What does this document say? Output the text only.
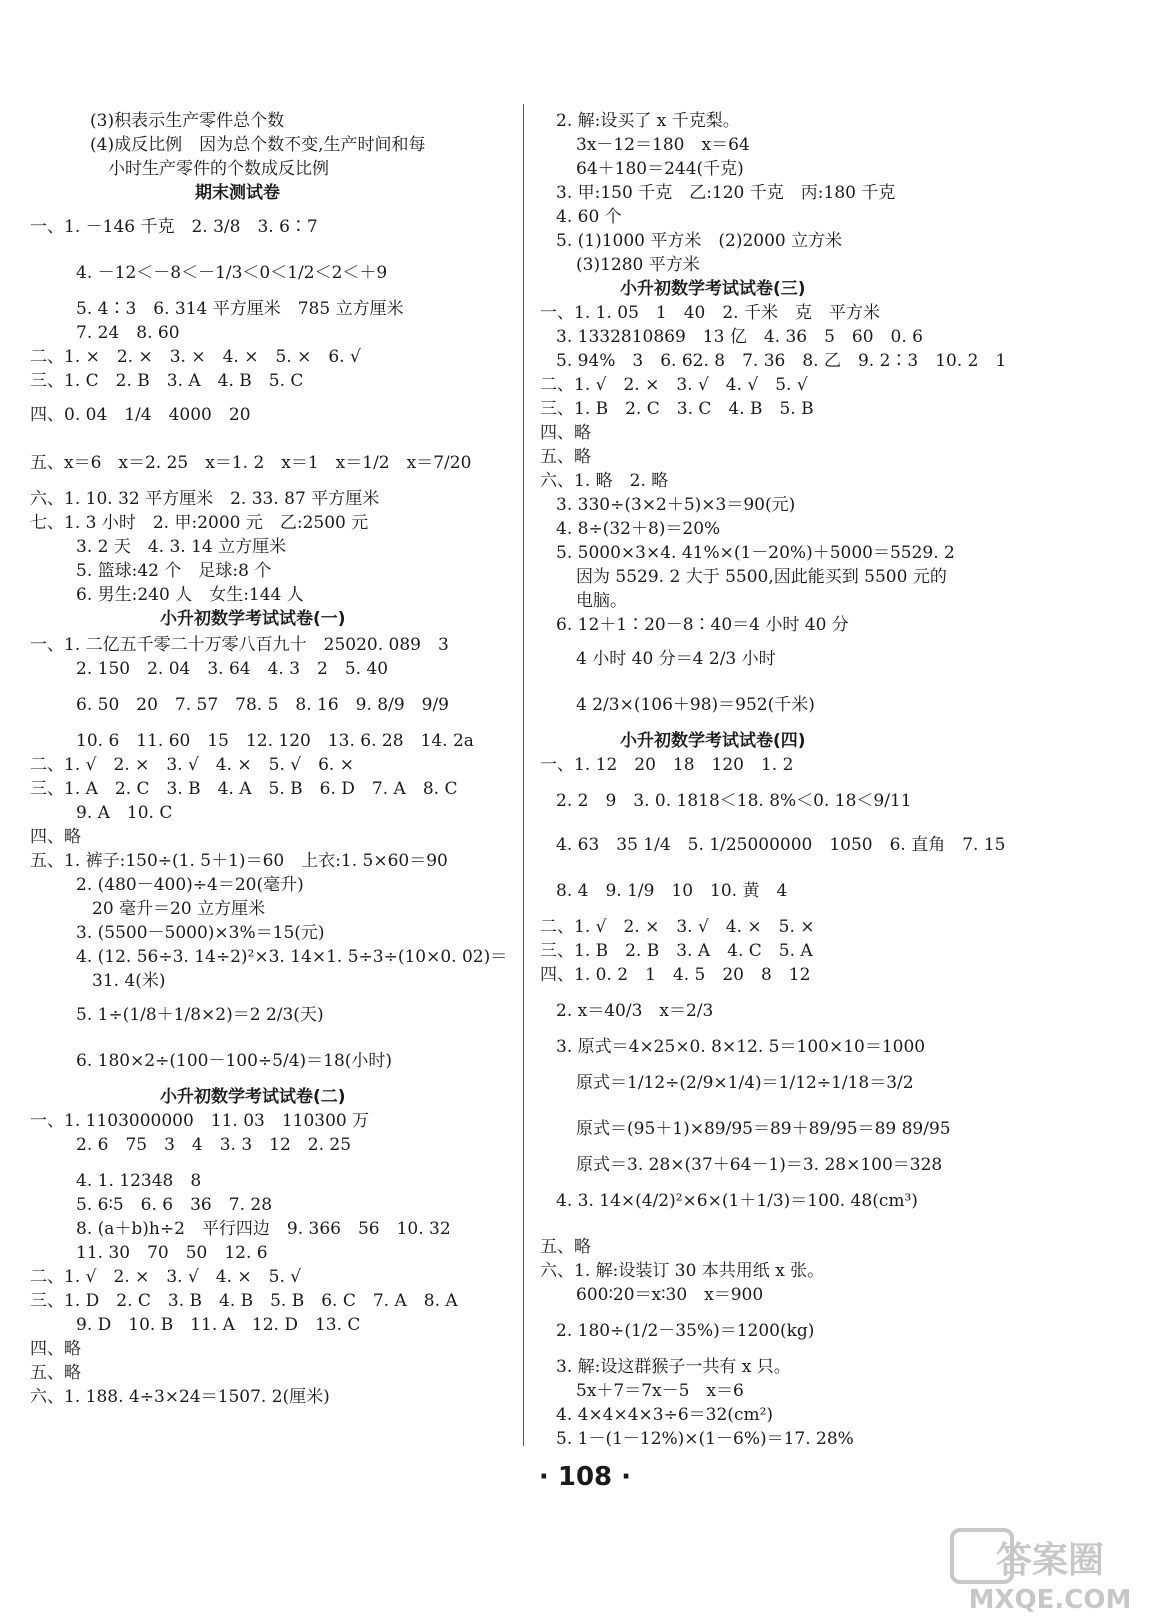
(3)积表示生产零件总个数
(4)成反比例　因为总个数不变,生产时间和每
小时生产零件的个数成反比例
期末测试卷
一、1. －146 千克　2. 3/8　3. 6∶7
4. －12＜－8＜－1/3＜0＜1/2＜2＜＋9
5. 4∶3　6. 314 平方厘米　785 立方厘米
7. 24　8. 60
二、1. ×　2. ×　3. ×　4. ×　5. ×　6. √
三、1. C　2. B　3. A　4. B　5. C
四、0. 04　1/4　4000　20
五、x＝6　x＝2. 25　x＝1. 2　x＝1　x＝1/2　x＝7/20
六、1. 10. 32 平方厘米　2. 33. 87 平方厘米
七、1. 3 小时　2. 甲:2000 元　乙:2500 元
3. 2 天　4. 3. 14 立方厘米
5. 篮球:42 个　足球:8 个
6. 男生:240 人　女生:144 人
小升初数学考试试卷(一)
一、1. 二亿五千零二十万零八百九十　25020. 089　3
2. 150　2. 04　3. 64　4. 3　2　5. 40
6. 50　20　7. 57　78. 5　8. 16　9. 8/9　9/9
10. 6　11. 60　15　12. 120　13. 6. 28　14. 2a
二、1. √　2. ×　3. √　4. ×　5. √　6. ×
三、1. A　2. C　3. B　4. A　5. B　6. D　7. A　8. C
9. A　10. C
四、略
五、1. 裤子:150÷(1. 5＋1)＝60　上衣:1. 5×60＝90
2. (480－400)÷4＝20(毫升)
20 毫升＝20 立方厘米
3. (5500－5000)×3%＝15(元)
4. (12. 56÷3. 14÷2)²×3. 14×1. 5÷3÷(10×0. 02)＝
31. 4(米)
5. 1÷(1/8＋1/8×2)＝2 2/3(天)
6. 180×2÷(100－100÷5/4)＝18(小时)
小升初数学考试试卷(二)
一、1. 1103000000　11. 03　110300 万
2. 6　75　3　4　3. 3　12　2. 25
4. 1. 12348　8
5. 6∶5　6. 6　36　7. 28
8. (a＋b)h÷2　平行四边　9. 366　56　10. 32
11. 30　70　50　12. 6
二、1. √　2. ×　3. √　4. ×　5. √
三、1. D　2. C　3. B　4. B　5. B　6. C　7. A　8. A
9. D　10. B　11. A　12. D　13. C
四、略
五、略
六、1. 188. 4÷3×24＝1507. 2(厘米)
2. 解:设买了 x 千克梨。
3x－12＝180　x＝64
64＋180＝244(千克)
3. 甲:150 千克　乙:120 千克　丙:180 千克
4. 60 个
5. (1)1000 平方米　(2)2000 立方米
(3)1280 平方米
小升初数学考试试卷(三)
一、1. 1. 05　1　40　2. 千米　克　平方米
3. 1332810869　13 亿　4. 36　5　60　0. 6
5. 94%　3　6. 62. 8　7. 36　8. 乙　9. 2∶3　10. 2　1
二、1. √　2. ×　3. √　4. √　5. √
三、1. B　2. C　3. C　4. B　5. B
四、略
五、略
六、1. 略　2. 略
3. 330÷(3×2＋5)×3＝90(元)
4. 8÷(32＋8)＝20%
5. 5000×3×4. 41%×(1－20%)＋5000＝5529. 2
因为 5529. 2 大于 5500,因此能买到 5500 元的
电脑。
6. 12＋1∶20－8∶40＝4 小时 40 分
4 小时 40 分＝4 2/3 小时
4 2/3×(106＋98)＝952(千米)
小升初数学考试试卷(四)
一、1. 12　20　18　120　1. 2
2. 2　9　3. 0. 1818＜18. 8%＜0. 18＜9/11
4. 63　35 1/4　5. 1/25000000　1050　6. 直角　7. 15
8. 4　9. 1/9　10　10. 黄　4
二、1. √　2. ×　3. √　4. ×　5. ×
三、1. B　2. B　3. A　4. C　5. A
四、1. 0. 2　1　4. 5　20　8　12
2. x＝40/3　x＝2/3
3. 原式＝4×25×0. 8×12. 5＝100×10＝1000
原式＝1/12÷(2/9×1/4)＝1/12÷1/18＝3/2
原式＝(95＋1)×89/95＝89＋89/95＝89 89/95
原式＝3. 28×(37＋64－1)＝3. 28×100＝328
4. 3. 14×(4/2)²×6×(1＋1/3)＝100. 48(cm³)
五、略
六、1. 解:设装订 30 本共用纸 x 张。
600∶20＝x∶30　x＝900
2. 180÷(1/2－35%)＝1200(kg)
3. 解:设这群猴子一共有 x 只。
5x＋7＝7x－5　x＝6
4. 4×4×4×3÷6＝32(cm²)
5. 1－(1－12%)×(1－6%)＝17. 28%
· 108 ·
答案圈
MXQE.COM
